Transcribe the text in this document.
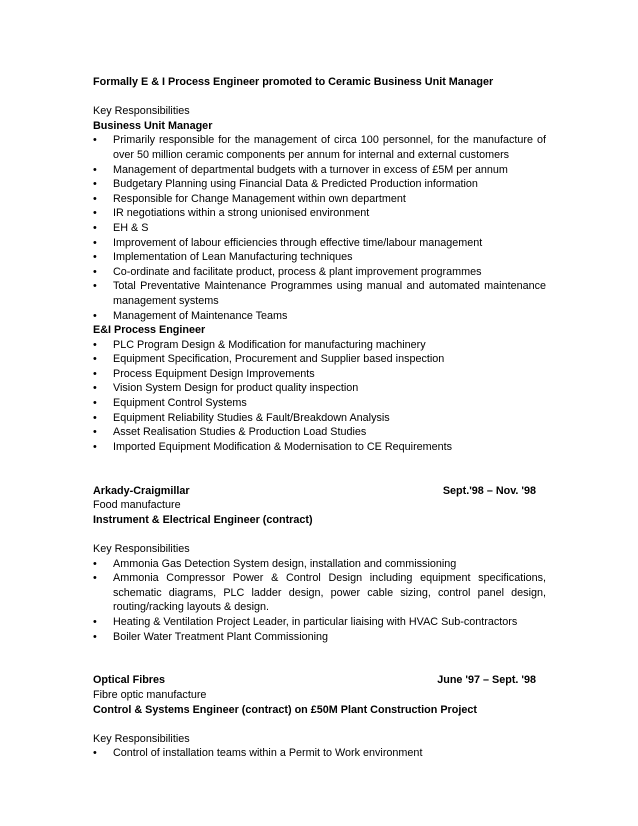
Formally E & I Process Engineer promoted to Ceramic Business Unit Manager
Key Responsibilities
Business Unit Manager
• Primarily responsible for the management of circa 100 personnel, for the manufacture of over 50 million ceramic components per annum for internal and external customers
• Management of departmental budgets with a turnover in excess of £5M per annum
• Budgetary Planning using Financial Data & Predicted Production information
• Responsible for Change Management within own department
• IR negotiations within a strong unionised environment
• EH & S
• Improvement of labour efficiencies through effective time/labour management
• Implementation of Lean Manufacturing techniques
• Co-ordinate and facilitate product, process & plant improvement programmes
• Total Preventative Maintenance Programmes using manual and automated maintenance management systems
• Management of Maintenance Teams
E&I Process Engineer
• PLC Program Design & Modification for manufacturing machinery
• Equipment Specification, Procurement and Supplier based inspection
• Process Equipment Design Improvements
• Vision System Design for product quality inspection
• Equipment Control Systems
• Equipment Reliability Studies & Fault/Breakdown Analysis
• Asset Realisation Studies & Production Load Studies
• Imported Equipment Modification & Modernisation to CE Requirements
Arkady-Craigmillar	Sept.'98 – Nov. '98
Food manufacture
Instrument & Electrical Engineer (contract)
Key Responsibilities
• Ammonia Gas Detection System design, installation and commissioning
• Ammonia Compressor Power & Control Design including equipment specifications, schematic diagrams, PLC ladder design, power cable sizing, control panel design, routing/racking layouts & design.
• Heating & Ventilation Project Leader, in particular liaising with HVAC Sub-contractors
• Boiler Water Treatment Plant Commissioning
Optical Fibres	June '97 – Sept. '98
Fibre optic manufacture
Control & Systems Engineer (contract) on £50M Plant Construction Project
Key Responsibilities
• Control of installation teams within a Permit to Work environment
